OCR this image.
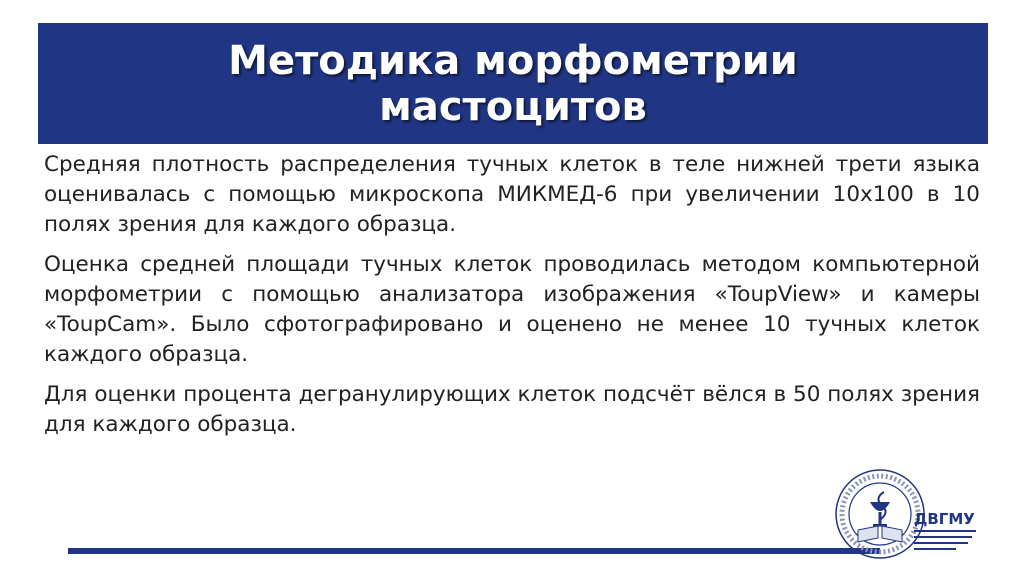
Методика морфометрии
мастоцитов

Средняя плотность распределения тучных клеток в теле нижней трети языка оценивалась с помощью микроскопа МИКМЕД-6 при увеличении 10х100 в 10 полях зрения для каждого образца.

Оценка средней площади тучных клеток проводилась методом компьютерной морфометрии с помощью анализатора изображения «ToupView» и камеры «ToupCam». Было сфотографировано и оценено не менее 10 тучных клеток каждого образца.

Для оценки процента дегранулирующих клеток подсчёт вёлся в 50 полях зрения для каждого образца.

ДВГМУ
